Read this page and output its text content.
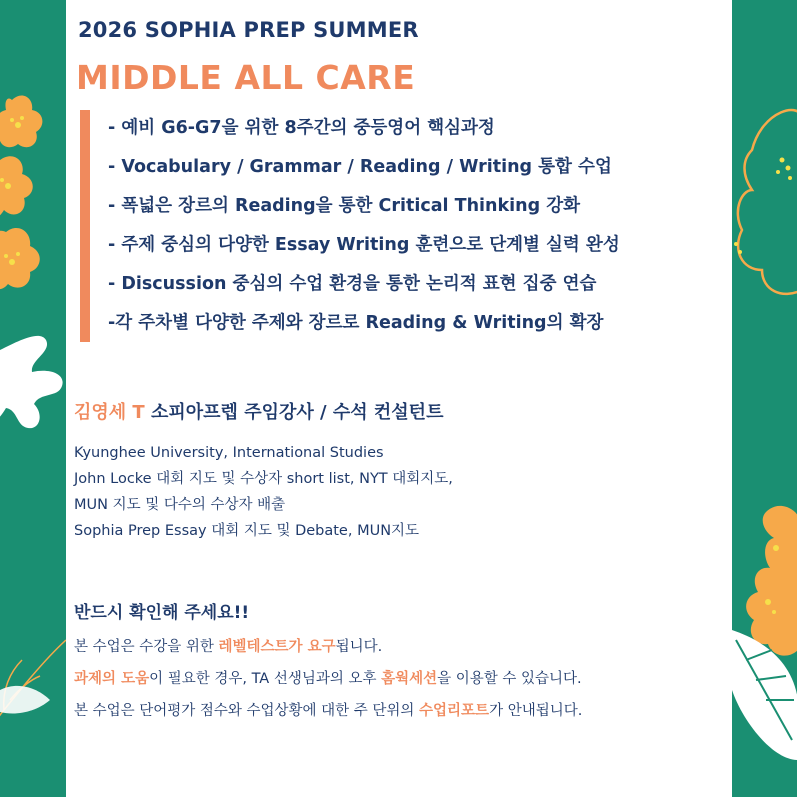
2026 SOPHIA PREP SUMMER
MIDDLE ALL CARE
- 예비 G6-G7을 위한 8주간의 중등영어 핵심과정
- Vocabulary / Grammar / Reading / Writing 통합 수업
- 폭넓은 장르의 Reading을 통한 Critical Thinking 강화
- 주제 중심의 다양한 Essay Writing 훈련으로 단계별 실력 완성
- Discussion 중심의 수업 환경을 통한 논리적 표현 집중 연습
-각 주차별 다양한 주제와 장르로 Reading & Writing의 확장
김영세 T 소피아프렙 주임강사 / 수석 컨설턴트
Kyunghee University, International Studies
John Locke 대회 지도 및 수상자 short list, NYT 대회지도,
MUN 지도 및 다수의 수상자 배출
Sophia Prep Essay 대회 지도 및 Debate, MUN지도
반드시 확인해 주세요!!
본 수업은 수강을 위한 레벨테스트가 요구됩니다.
과제의 도움이 필요한 경우, TA 선생님과의 오후 홈웍세션을 이용할 수 있습니다.
본 수업은 단어평가 점수와 수업상황에 대한 주 단위의 수업리포트가 안내됩니다.
